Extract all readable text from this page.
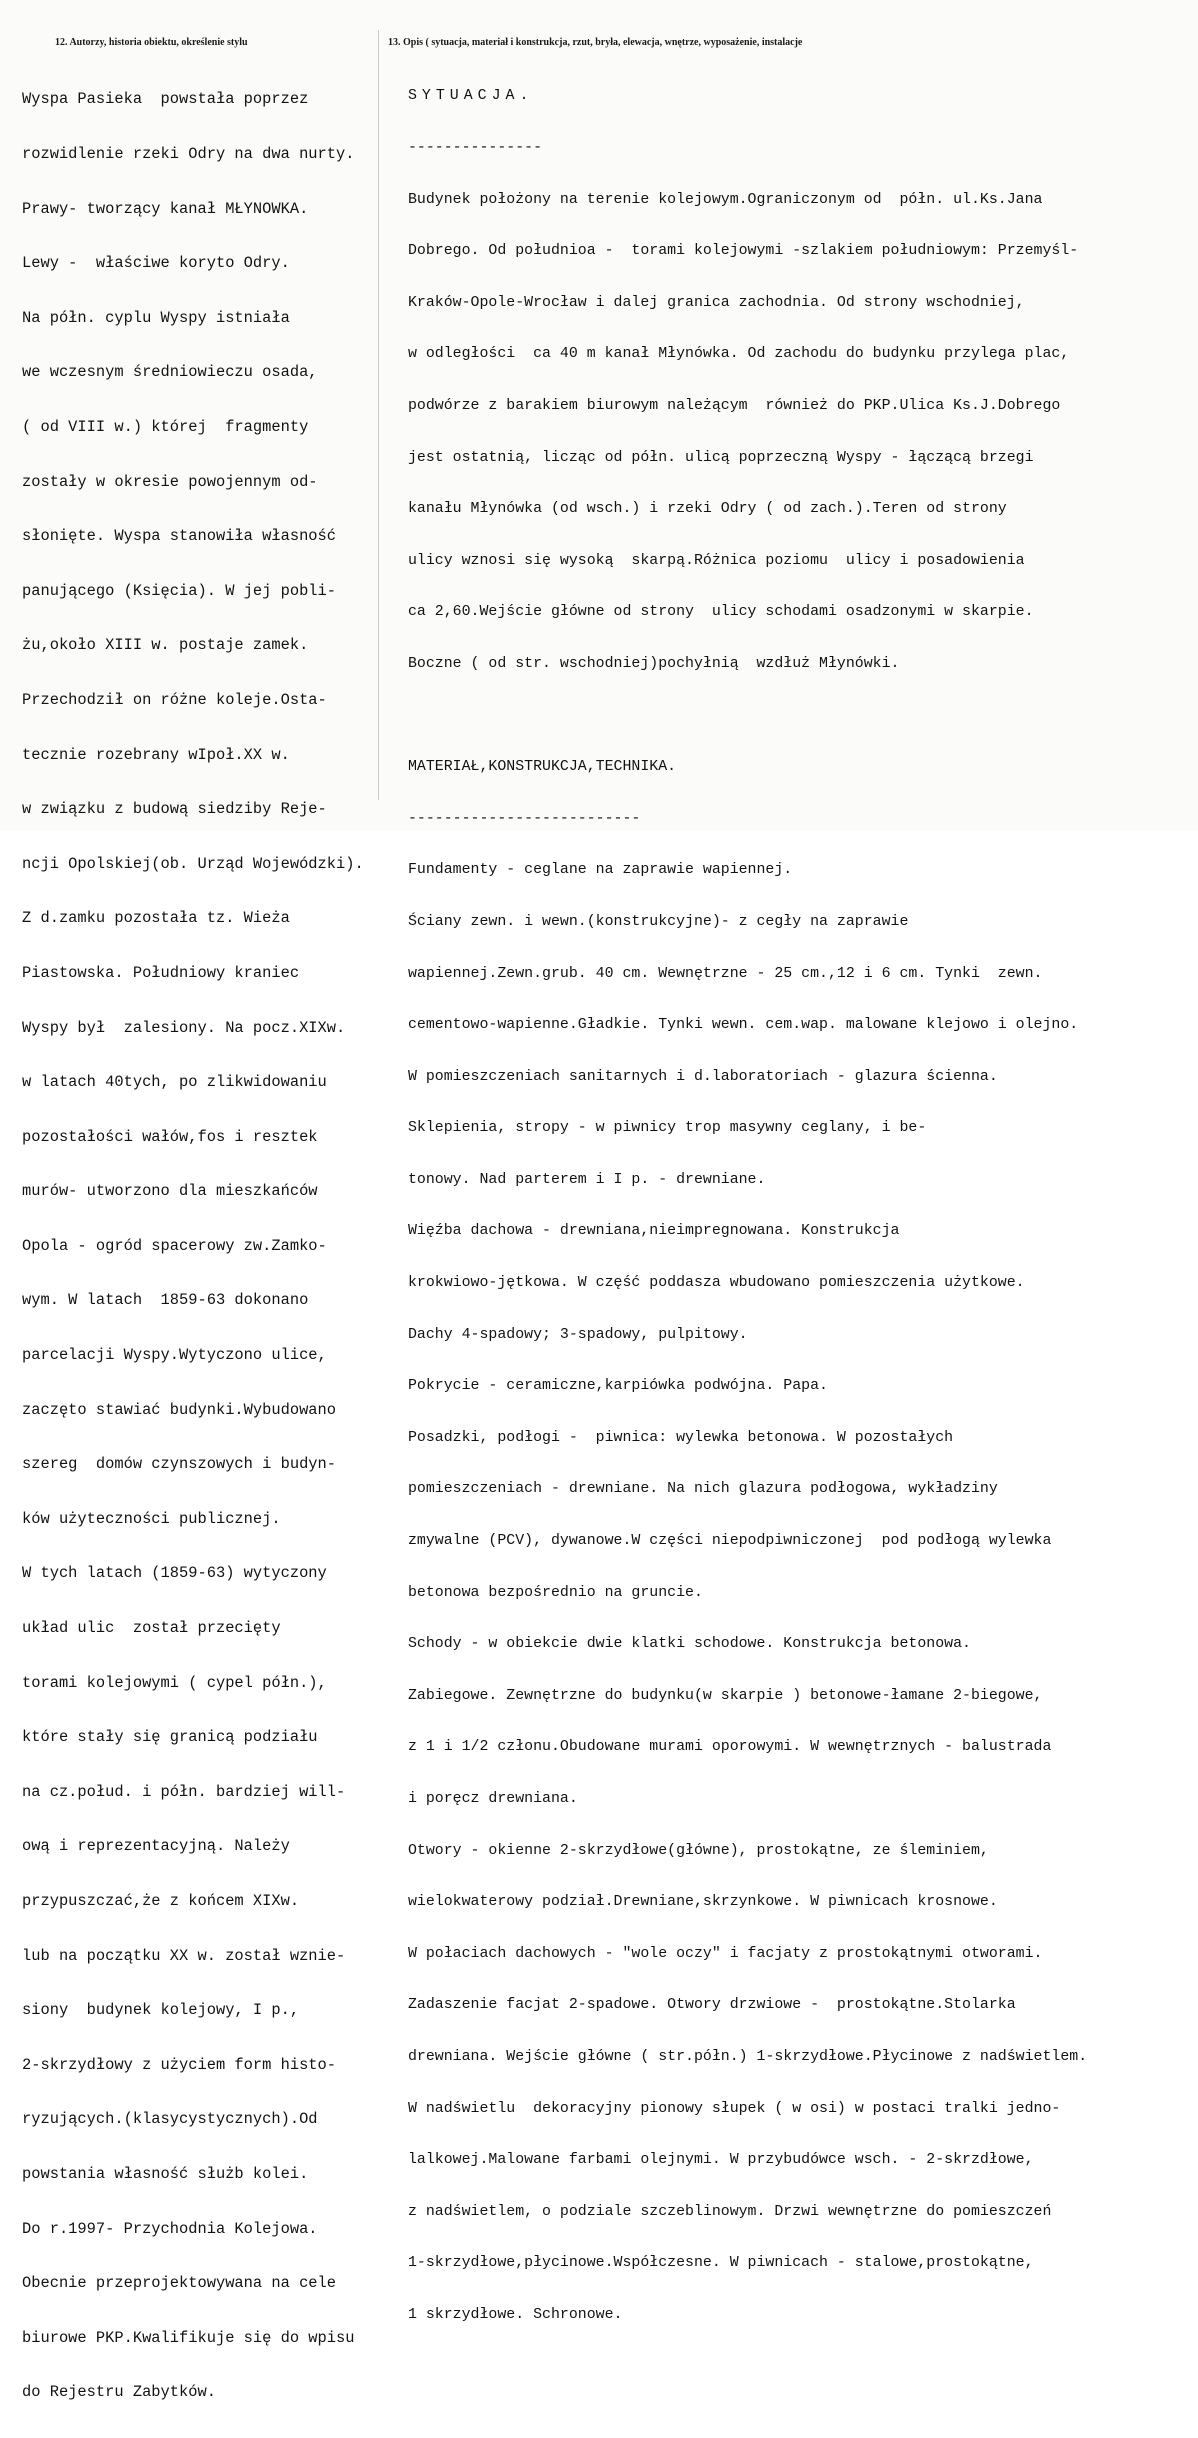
12. Autorzy, historia obiektu, określenie stylu	13. Opis ( sytuacja, materiał i konstrukcja, rzut, bryła, elewacja, wnętrze, wyposażenie, instalacje

Wyspa Pasieka  powstała poprzez

rozwidlenie rzeki Odry na dwa nurty.

Prawy- tworzący kanał MŁYNOWKA.

Lewy -  właściwe koryto Odry.

Na półn. cyplu Wyspy istniała

we wczesnym średniowieczu osada,

( od VIII w.) której  fragmenty

zostały w okresie powojennym od-

słonięte. Wyspa stanowiła własność

panującego (Księcia). W jej pobli-

żu,około XIII w. postaje zamek.

Przechodził on różne koleje.Osta-

tecznie rozebrany wIpoł.XX w.

w związku z budową siedziby Reje-

ncji Opolskiej(ob. Urząd Wojewódzki).

Z d.zamku pozostała tz. Wieża

Piastowska. Południowy kraniec

Wyspy był  zalesiony. Na pocz.XIXw.

w latach 40tych, po zlikwidowaniu

pozostałości wałów,fos i resztek

murów- utworzono dla mieszkańców

Opola - ogród spacerowy zw.Zamko-

wym. W latach  1859-63 dokonano

parcelacji Wyspy.Wytyczono ulice,

zaczęto stawiać budynki.Wybudowano

szereg  domów czynszowych i budyn-

ków użyteczności publicznej.

W tych latach (1859-63) wytyczony

układ ulic  został przecięty

torami kolejowymi ( cypel półn.),

które stały się granicą podziału

na cz.połud. i półn. bardziej will-

ową i reprezentacyjną. Należy

przypuszczać,że z końcem XIXw.

lub na początku XX w. został wznie-

siony  budynek kolejowy, I p.,

2-skrzydłowy z użyciem form histo-

ryzujących.(klasycystycznych).Od

powstania własność służb kolei.

Do r.1997- Przychodnia Kolejowa.

Obecnie przeprojektowywana na cele

biurowe PKP.Kwalifikuje się do wpisu

do Rejestru Zabytków.

SYTUACJA.

---------------

Budynek położony na terenie kolejowym.Ograniczonym od  półn. ul.Ks.Jana

Dobrego. Od południoa -  torami kolejowymi -szlakiem południowym: Przemyśl-

Kraków-Opole-Wrocław i dalej granica zachodnia. Od strony wschodniej,

w odległości  ca 40 m kanał Młynówka. Od zachodu do budynku przylega plac,

podwórze z barakiem biurowym należącym  również do PKP.Ulica Ks.J.Dobrego

jest ostatnią, licząc od półn. ulicą poprzeczną Wyspy - łączącą brzegi

kanału Młynówka (od wsch.) i rzeki Odry ( od zach.).Teren od strony

ulicy wznosi się wysoką  skarpą.Różnica poziomu  ulicy i posadowienia

ca 2,60.Wejście główne od strony  ulicy schodami osadzonymi w skarpie.

Boczne ( od str. wschodniej)pochyłnią  wzdłuż Młynówki.

MATERIAŁ,KONSTRUKCJA,TECHNIKA.

--------------------------

Fundamenty - ceglane na zaprawie wapiennej.

Ściany zewn. i wewn.(konstrukcyjne)- z cegły na zaprawie

wapiennej.Zewn.grub. 40 cm. Wewnętrzne - 25 cm.,12 i 6 cm. Tynki  zewn.

cementowo-wapienne.Gładkie. Tynki wewn. cem.wap. malowane klejowo i olejno.

W pomieszczeniach sanitarnych i d.laboratoriach - glazura ścienna.

Sklepienia, stropy - w piwnicy trop masywny ceglany, i be-

tonowy. Nad parterem i I p. - drewniane.

Więźba dachowa - drewniana,nieimpregnowana. Konstrukcja

krokwiowo-jętkowa. W część poddasza wbudowano pomieszczenia użytkowe.

Dachy 4-spadowy; 3-spadowy, pulpitowy.

Pokrycie - ceramiczne,karpiówka podwójna. Papa.

Posadzki, podłogi -  piwnica: wylewka betonowa. W pozostałych

pomieszczeniach - drewniane. Na nich glazura podłogowa, wykładziny

zmywalne (PCV), dywanowe.W części niepodpiwniczonej  pod podłogą wylewka

betonowa bezpośrednio na gruncie.

Schody - w obiekcie dwie klatki schodowe. Konstrukcja betonowa.

Zabiegowe. Zewnętrzne do budynku(w skarpie ) betonowe-łamane 2-biegowe,

z 1 i 1/2 członu.Obudowane murami oporowymi. W wewnętrznych - balustrada

i poręcz drewniana.

Otwory - okienne 2-skrzydłowe(główne), prostokątne, ze śleminiem,

wielokwaterowy podział.Drewniane,skrzynkowe. W piwnicach krosnowe.

W połaciach dachowych - "wole oczy" i facjaty z prostokątnymi otworami.

Zadaszenie facjat 2-spadowe. Otwory drzwiowe -  prostokątne.Stolarka

drewniana. Wejście główne ( str.półn.) 1-skrzydłowe.Płycinowe z nadświetlem.

W nadświetlu  dekoracyjny pionowy słupek ( w osi) w postaci tralki jedno-

lalkowej.Malowane farbami olejnymi. W przybudówce wsch. - 2-skrzdłowe,

z nadświetlem, o podziale szczeblinowym. Drzwi wewnętrzne do pomieszczeń

1-skrzydłowe,płycinowe.Współczesne. W piwnicach - stalowe,prostokątne,

1 skrzydłowe. Schronowe.
